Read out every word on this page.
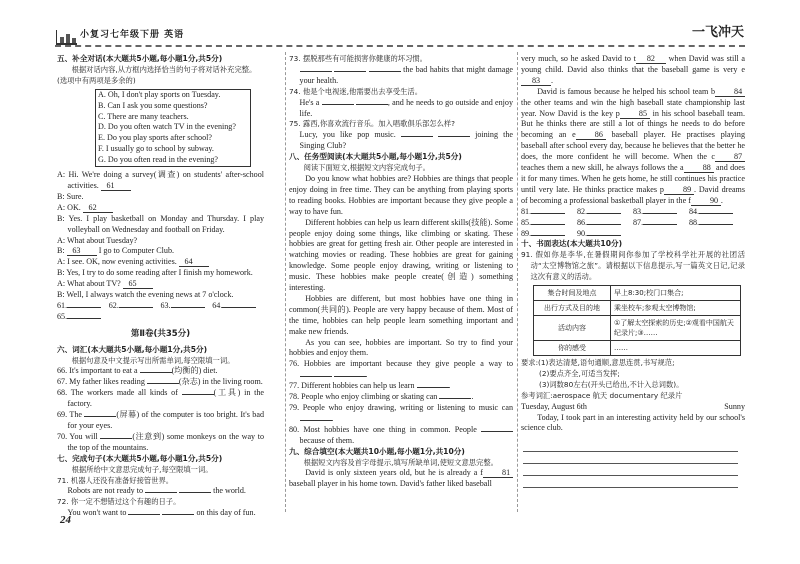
小复习七年级下册 英语	一飞冲天
五、补全对话(本大题共5小题,每小题1分,共5分)
根据对话内容,从方框内选择恰当的句子将对话补充完整。(选项中有两项是多余的)
A. Oh, I don't play sports on Tuesday.
B. Can I ask you some questions?
C. There are many teachers.
D. Do you often watch TV in the evening?
E. Do you play sports after school?
F. I usually go to school by subway.
G. Do you often read in the evening?
A: Hi. We're doing a survey(调查) on students' after-school activities. 61
B: Sure.
A: OK. 62
B: Yes. I play basketball on Monday and Thursday. I play volleyball on Wednesday and football on Friday.
A: What about Tuesday?
B: 63 I go to Computer Club.
A: I see. OK, now evening activities. 64
B: Yes, I try to do some reading after I finish my homework.
A: What about TV? 65
B: Well, I always watch the evening news at 7 o'clock.
61.	62.	63.	64.
65.
第Ⅱ卷(共35分)
六、词汇(本大题共5小题,每小题1分,共5分)
根据句意及中文提示写出所需单词,每空限填一词。
66. It's important to eat a	(均衡的) diet.
67. My father likes reading	(杂志) in the living room.
68. The workers made all kinds of	(工具) in the factory.
69. The	(屏幕) of the computer is too bright. It's bad for your eyes.
70. You will	(注意到) some monkeys on the way to the top of the mountains.
七、完成句子(本大题共5小题,每小题1分,共5分)
根据所给中文意思完成句子,每空限填一词。
71. 机器人还没有准备好接管世界。
Robots are not ready to	the world.
72. 你一定不想错过这个有趣的日子。
You won't want to	on this day of fun.
24
73. 摆脱那些有可能损害你健康的坏习惯。
the bad habits that might damage your health.
74. 他是个电视迷,他需要出去享受生活。
He's a	, and he needs to go outside and enjoy life.
75. 露西,你喜欢流行音乐。加入唱歌俱乐部怎么样?
Lucy, you like pop music.	joining the Singing Club?
八、任务型阅读(本大题共5小题,每小题1分,共5分)
阅读下面短文,根据短文内容完成句子。
Do you know what hobbies are? Hobbies are things that people enjoy doing in free time. They can be anything from playing sports to reading books. Hobbies are important because they give people a way to have fun.
Different hobbies can help us learn different skills(技能). Some people enjoy doing some things, like climbing or skating. These hobbies are great for getting fresh air. Other people are interested in watching movies or reading. These hobbies are great for gaining knowledge. Some people enjoy drawing, writing or listening to music. These hobbies make people create(创造) something interesting.
Hobbies are different, but most hobbies have one thing in common(共同的). People are very happy because of them. Most of the time, hobbies can help people learn something important and make new friends.
As you can see, hobbies are important. So try to find your hobbies and enjoy them.
76. Hobbies are important because they give people a way to  .
77. Different hobbies can help us learn	.
78. People who enjoy climbing or skating can	.
79. People who enjoy drawing, writing or listening to music can .
80. Most hobbies have one thing in common. People  because of them.
九、综合填空(本大题共10小题,每小题1分,共10分)
根据短文内容及首字母提示,填写所缺单词,使短文意思完整。
David is only sixteen years old, but he is already a f 81 baseball player in his home town. David's father liked baseball
very much, so he asked David to t 82 when David was still a young child. David also thinks that the baseball game is very e83 .
David is famous because he helped his school team b 84 the other teams and win the high baseball state championship last year. Now David is the key p 85 in his school baseball team. But he thinks there are still a lot of things he needs to do before becoming an e 86 baseball player. He practises playing baseball after school every day, because he believes that the better he does, the more confident he will become. When the c 87 teaches them a new skill, he always follows the a 88 and does it for many times. When he gets home, he still continues his practice until very late. He thinks practice makes p 89 . David dreams of becoming a professional basketball player in the f 90 .
81.	82.	83.	84.
85.	86.	87.	88.
89.	90.
十、书面表达(本大题共10分)
91. 假如你是李华,在暑假期间你参加了学校科学社开展的社团活动“太空博物馆之旅”。请根据以下信息提示,写一篇英文日记,记录这次有意义的活动。
集合时间及地点	早上8:30;校门口集合;
出行方式及目的地	乘坐校车;参观太空博物馆;
活动内容	①了解太空探索的历史;②观看中国航天纪录片;③……
你的感受	……
要求:(1)表达清楚,语句通顺,意思连贯,书写规范;
(2)要点齐全,可适当发挥;
(3)词数80左右(开头已给出,不计入总词数)。
参考词汇:aerospace 航天 documentary 纪录片
Tuesday, August 6th	Sunny
Today, I took part in an interesting activity held by our school's science club.
